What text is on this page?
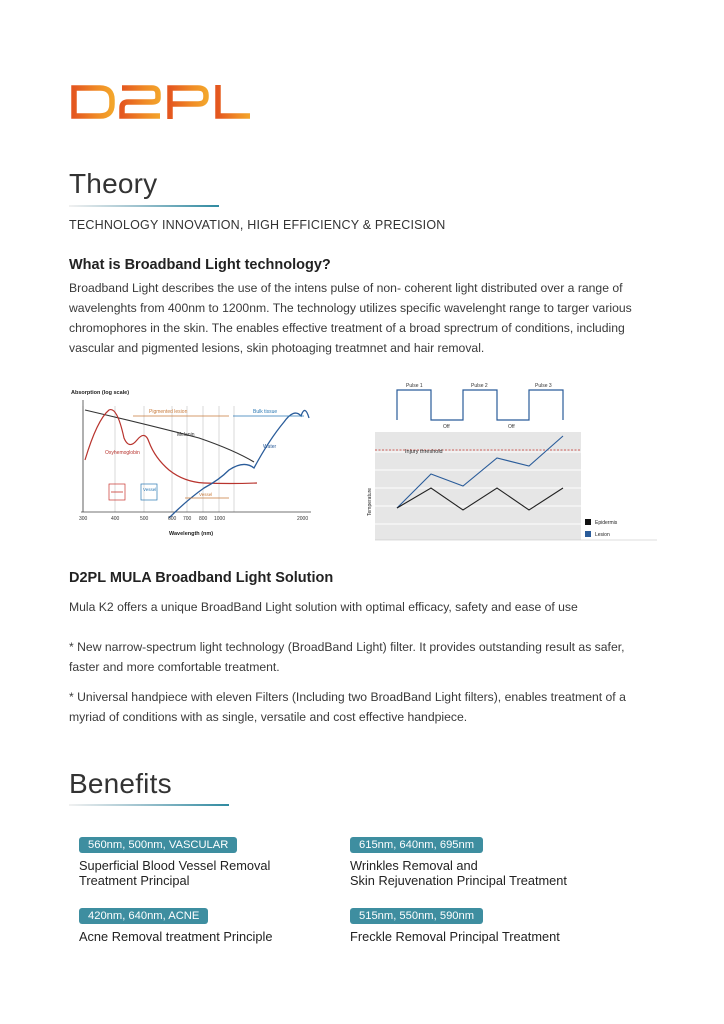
Theory
TECHNOLOGY INNOVATION, HIGH EFFICIENCY & PRECISION
What is Broadband Light technology?
Broadband Light describes the use of the intens pulse of non- coherent light distributed over a range of
wavelenghts from 400nm to 1200nm. The technology utilizes specific wavelenght range to targer various
chromophores in the skin. The enables effective treatment of a broad sprectrum of conditions, including
vascular and pigmented lesions, skin photoaging treatmnet and hair removal.
Absorption (log scale)
Pigmented lesion	Bulk tissue
Melanin
Oxyhemoglobin
Water
Vessel
Vessel
300	400	500	600 700 800 1000	2000
Wavelength (nm)
Pulse 1	Pulse 2	Pulse 3
Off	Off
Injury threshold
Temperature
Epidermis
Lesion
D2PL MULA Broadband Light Solution
Mula K2 offers a unique BroadBand Light solution with optimal efficacy, safety and ease of use
* New narrow-spectrum light technology (BroadBand Light) filter. It provides outstanding result as safer,
faster and more comfortable treatment.
* Universal handpiece with eleven Filters (Including two BroadBand Light filters), enables treatment of a
myriad of conditions with as single, versatile and cost effective handpiece.
Benefits
560nm, 500nm, VASCULAR
Superficial Blood Vessel Removal
Treatment Principal
615nm, 640nm, 695nm
Wrinkles Removal and
Skin Rejuvenation Principal Treatment
420nm, 640nm, ACNE
Acne Removal treatment Principle
515nm, 550nm, 590nm
Freckle Removal Principal Treatment
